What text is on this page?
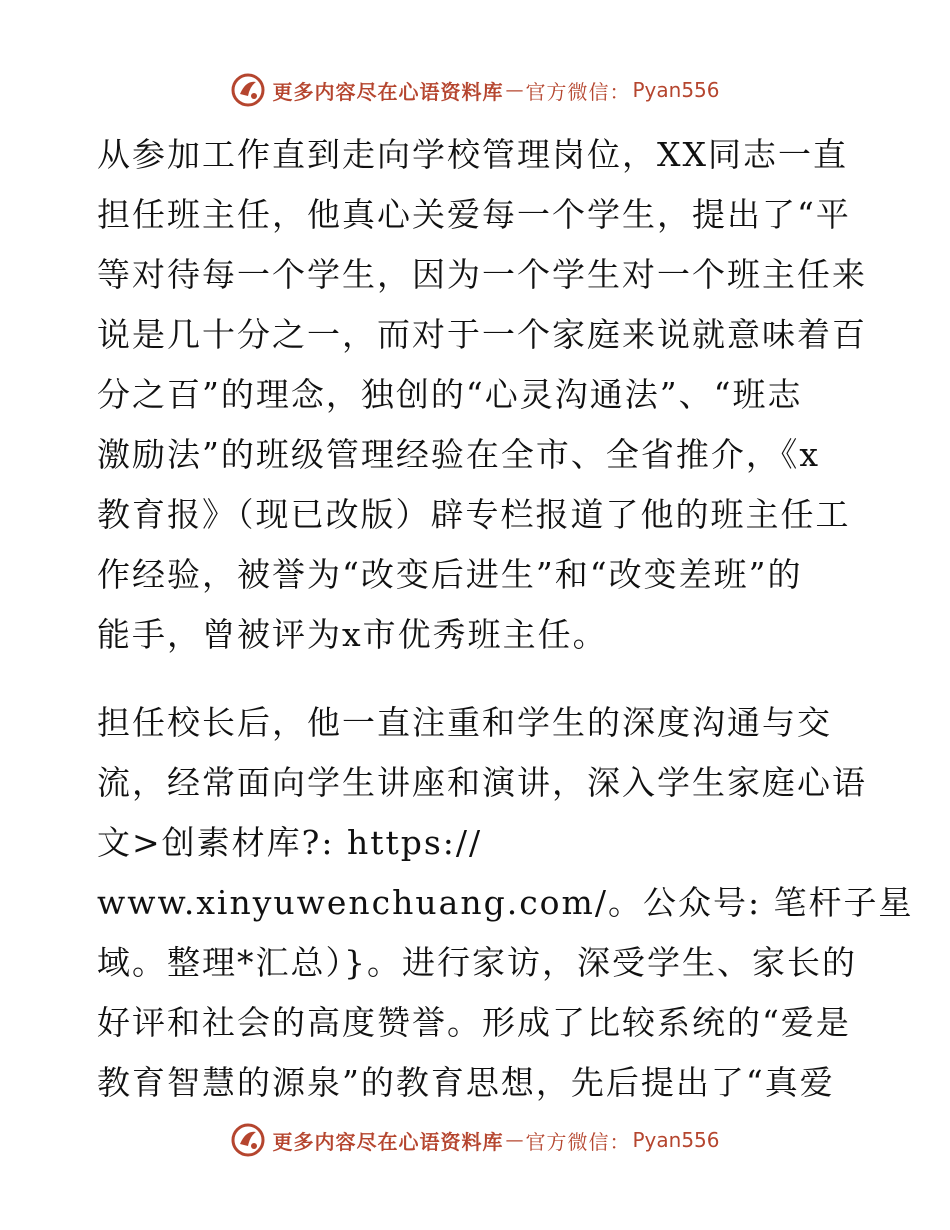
更多内容尽在心语资料库 — 官方微信： Pyan556
从参加工作直到走向学校管理岗位，XX同志一直
担任班主任，他真心关爱每一个学生，提出了“平
等对待每一个学生，因为一个学生对一个班主任来
说是几十分之一，而对于一个家庭来说就意味着百
分之百”的理念，独创的“心灵沟通法”、“班志
激励法”的班级管理经验在全市、全省推介，《x
教育报》（现已改版）辟专栏报道了他的班主任工
作经验，被誉为“改变后进生”和“改变差班”的
能手，曾被评为x市优秀班主任。
担任校长后，他一直注重和学生的深度沟通与交
流，经常面向学生讲座和演讲，深入学生家庭心语
文>创素材库?: https://
www.xinyuwenchuang.com/。公众号: 笔杆子星
域。整理*汇总）}。进行家访，深受学生、家长的
好评和社会的高度赞誉。形成了比较系统的“爱是
教育智慧的源泉”的教育思想，先后提出了“真爱
更多内容尽在心语资料库 — 官方微信： Pyan556
